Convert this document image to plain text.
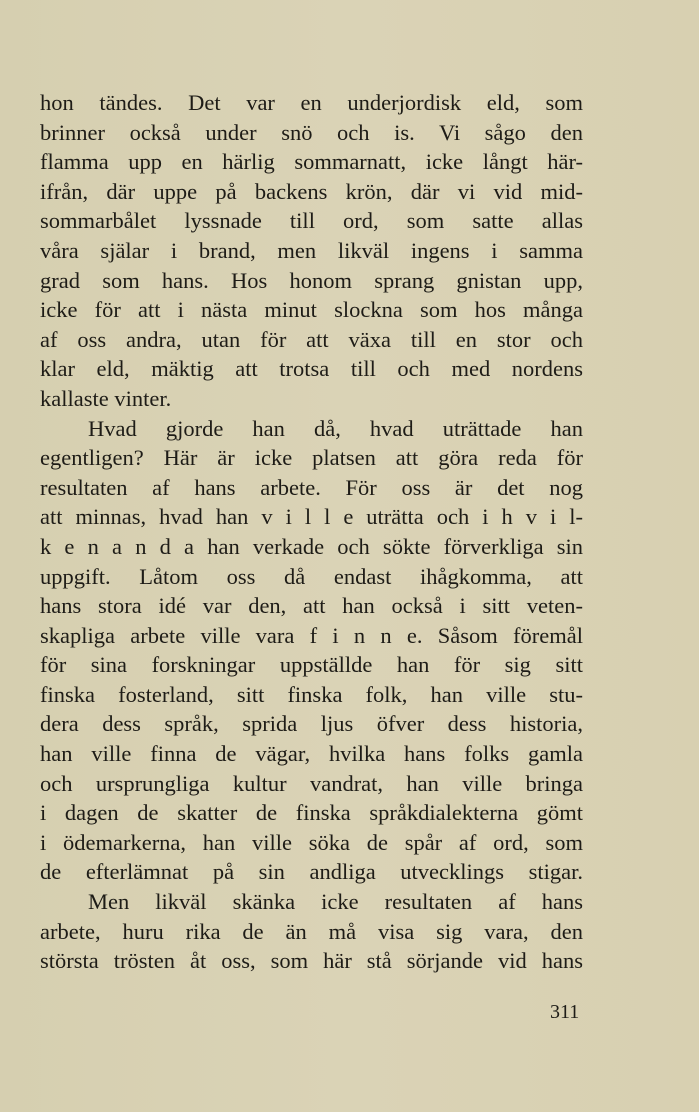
hon tändes. Det var en underjordisk eld, som
brinner också under snö och is. Vi sågo den
flamma upp en härlig sommarnatt, icke långt här-
ifrån, där uppe på backens krön, där vi vid mid-
sommarbålet lyssnade till ord, som satte allas
våra själar i brand, men likväl ingens i samma
grad som hans. Hos honom sprang gnistan upp,
icke för att i nästa minut slockna som hos många
af oss andra, utan för att växa till en stor och
klar eld, mäktig att trotsa till och med nordens
kallaste vinter.
Hvad gjorde han då, hvad uträttade han
egentligen? Här är icke platsen att göra reda för
resultaten af hans arbete. För oss är det nog
att minnas, hvad han v i l l e uträtta och i h v i l-
k e n a n d a han verkade och sökte förverkliga sin
uppgift. Låtom oss då endast ihågkomma, att
hans stora idé var den, att han också i sitt veten-
skapliga arbete ville vara f i n n e. Såsom föremål
för sina forskningar uppställde han för sig sitt
finska fosterland, sitt finska folk, han ville stu-
dera dess språk, sprida ljus öfver dess historia,
han ville finna de vägar, hvilka hans folks gamla
och ursprungliga kultur vandrat, han ville bringa
i dagen de skatter de finska språkdialekterna gömt
i ödemarkerna, han ville söka de spår af ord, som
de efterlämnat på sin andliga utvecklings stigar.
Men likväl skänka icke resultaten af hans
arbete, huru rika de än må visa sig vara, den
största trösten åt oss, som här stå sörjande vid hans
311
